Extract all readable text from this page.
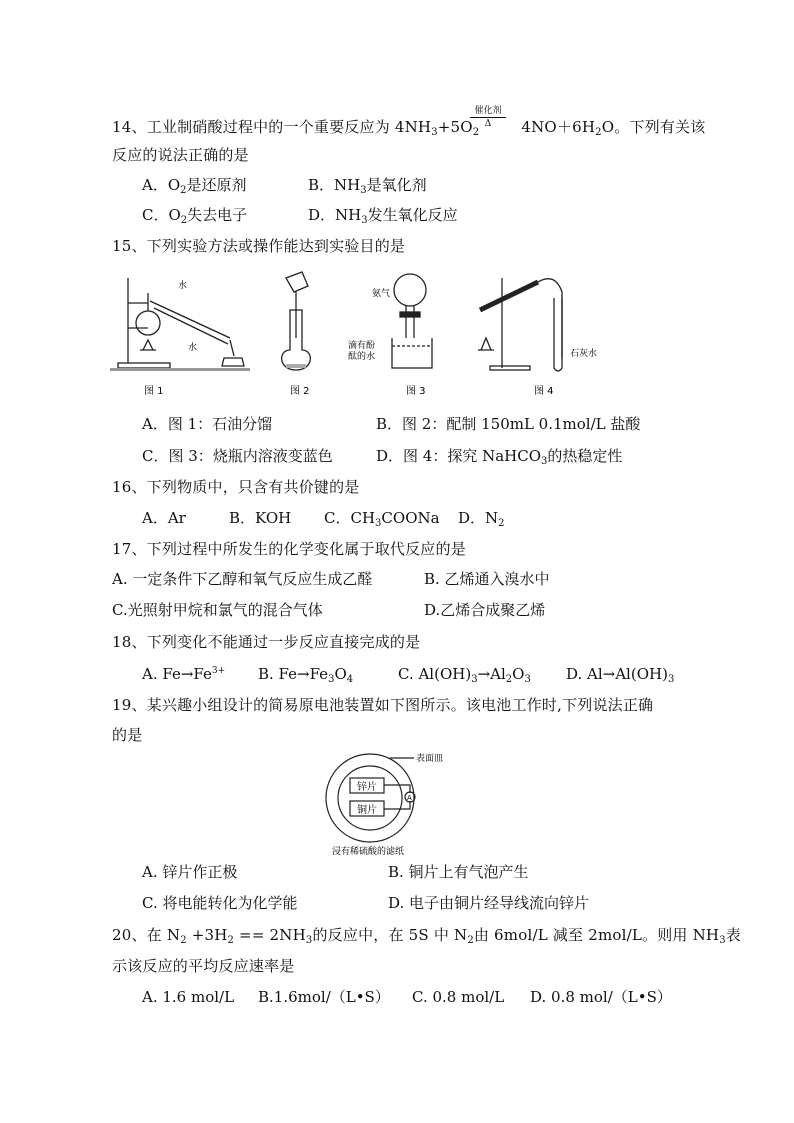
14、工业制硝酸过程中的一个重要反应为 $4NH_3+5O_2$	$4NO+6H_2O$。下列有关该
催化剂
Δ
反应的说法正确的是
A．$O_2$是还原剂	B．$NH_3$是氧化剂
C．$O_2$失去电子	D．$NH_3$发生氧化反应
15、下列实验方法或操作能达到实验目的是
水
水
氨气
滴有酚
酞的水	石灰水
图 1	图 2	图 3	图 4
A．图 1：石油分馏	B．图 2：配制 150mL 0.1mol/L 盐酸
C．图 3：烧瓶内溶液变蓝色	D．图 4：探究 NaHCO$_3$的热稳定性
16、下列物质中，只含有共价键的是
A．Ar	B．KOH C．$CH_3COONa$ D．$N_2$
17、下列过程中所发生的化学变化属于取代反应的是
A. 一定条件下乙醇和氧气反应生成乙醛	B. 乙烯通入溴水中
C.光照射甲烷和氯气的混合气体	D.乙烯合成聚乙烯
18、下列变化不能通过一步反应直接完成的是
A. $Fe\to Fe^{3+}$ B. $Fe\to Fe_3O_4$	C. $Al(OH)_3\to Al_2O_3$ D. $Al\to Al(OH)_3$
19、某兴趣小组设计的简易原电池装置如下图所示。该电池工作时,下列说法正确
的是
表面皿
锌片
铜片
A
浸有稀硫酸的滤纸
A. 锌片作正极	B. 铜片上有气泡产生
C. 将电能转化为化学能	D. 电子由铜片经导线流向锌片
20、在 $N_2 +3H_2 == 2NH_3$的反应中，在 5S 中 $N_2$由 6mol/L 减至 2mol/L。则用 $NH_3$表
示该反应的平均反应速率是
A. 1.6 mol/L B.1.6mol/（L•S） C. 0.8 mol/L D. 0.8 mol/（L•S）
